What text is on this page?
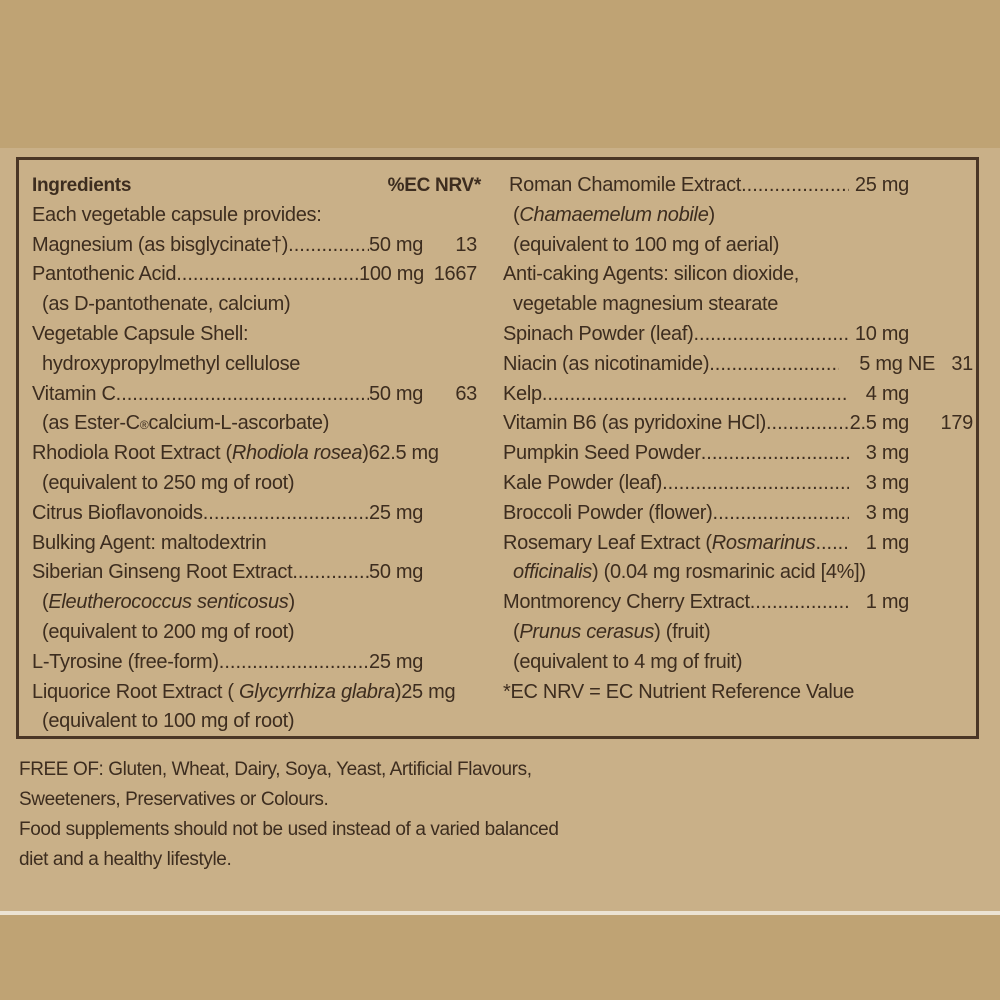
Ingredients	%EC NRV*
Each vegetable capsule provides:
Magnesium (as bisglycinate†) .....	50 mg	13
Pantothenic Acid .....	100 mg 1667
(as D-pantothenate, calcium)
Vegetable Capsule Shell:
hydroxypropylmethyl cellulose
Vitamin C .....	50 mg	63
(as Ester-C ® calcium-L-ascorbate)
Rhodiola Root Extract (Rhodiola rosea) 62.5 mg
(equivalent to 250 mg of root)
Citrus Bioflavonoids .....	25 mg
Bulking Agent: maltodextrin
Siberian Ginseng Root Extract .....	50 mg
( Eleutherococcus senticosus )
(equivalent to 200 mg of root)
L-Tyrosine (free-form) .....	25 mg
Liquorice Root Extract ( Glycyrrhiza glabra) 25 mg
(equivalent to 100 mg of root)
Roman Chamomile Extract .....	25 mg
( Chamaemelum nobile )
(equivalent to 100 mg of aerial)
Anti-caking Agents: silicon dioxide,
vegetable magnesium stearate
Spinach Powder (leaf) .....	10 mg
Niacin (as nicotinamide) .....	5 mg NE 31
Kelp .....	4 mg
Vitamin B6 (as pyridoxine HCl) .....	2.5 mg	179
Pumpkin Seed Powder .....	3 mg
Kale Powder (leaf) .....	3 mg
Broccoli Powder (flower) .....	3 mg
Rosemary Leaf Extract (Rosmarinus .....	1 mg
officinalis ) (0.04 mg rosmarinic acid [4%])
Montmorency Cherry Extract .....	1 mg
( Prunus cerasus ) (fruit)
(equivalent to 4 mg of fruit)
*EC NRV = EC Nutrient Reference Value
FREE OF: Gluten, Wheat, Dairy, Soya, Yeast, Artificial Flavours,
Sweeteners, Preservatives or Colours.
Food supplements should not be used instead of a varied balanced
diet and a healthy lifestyle.
